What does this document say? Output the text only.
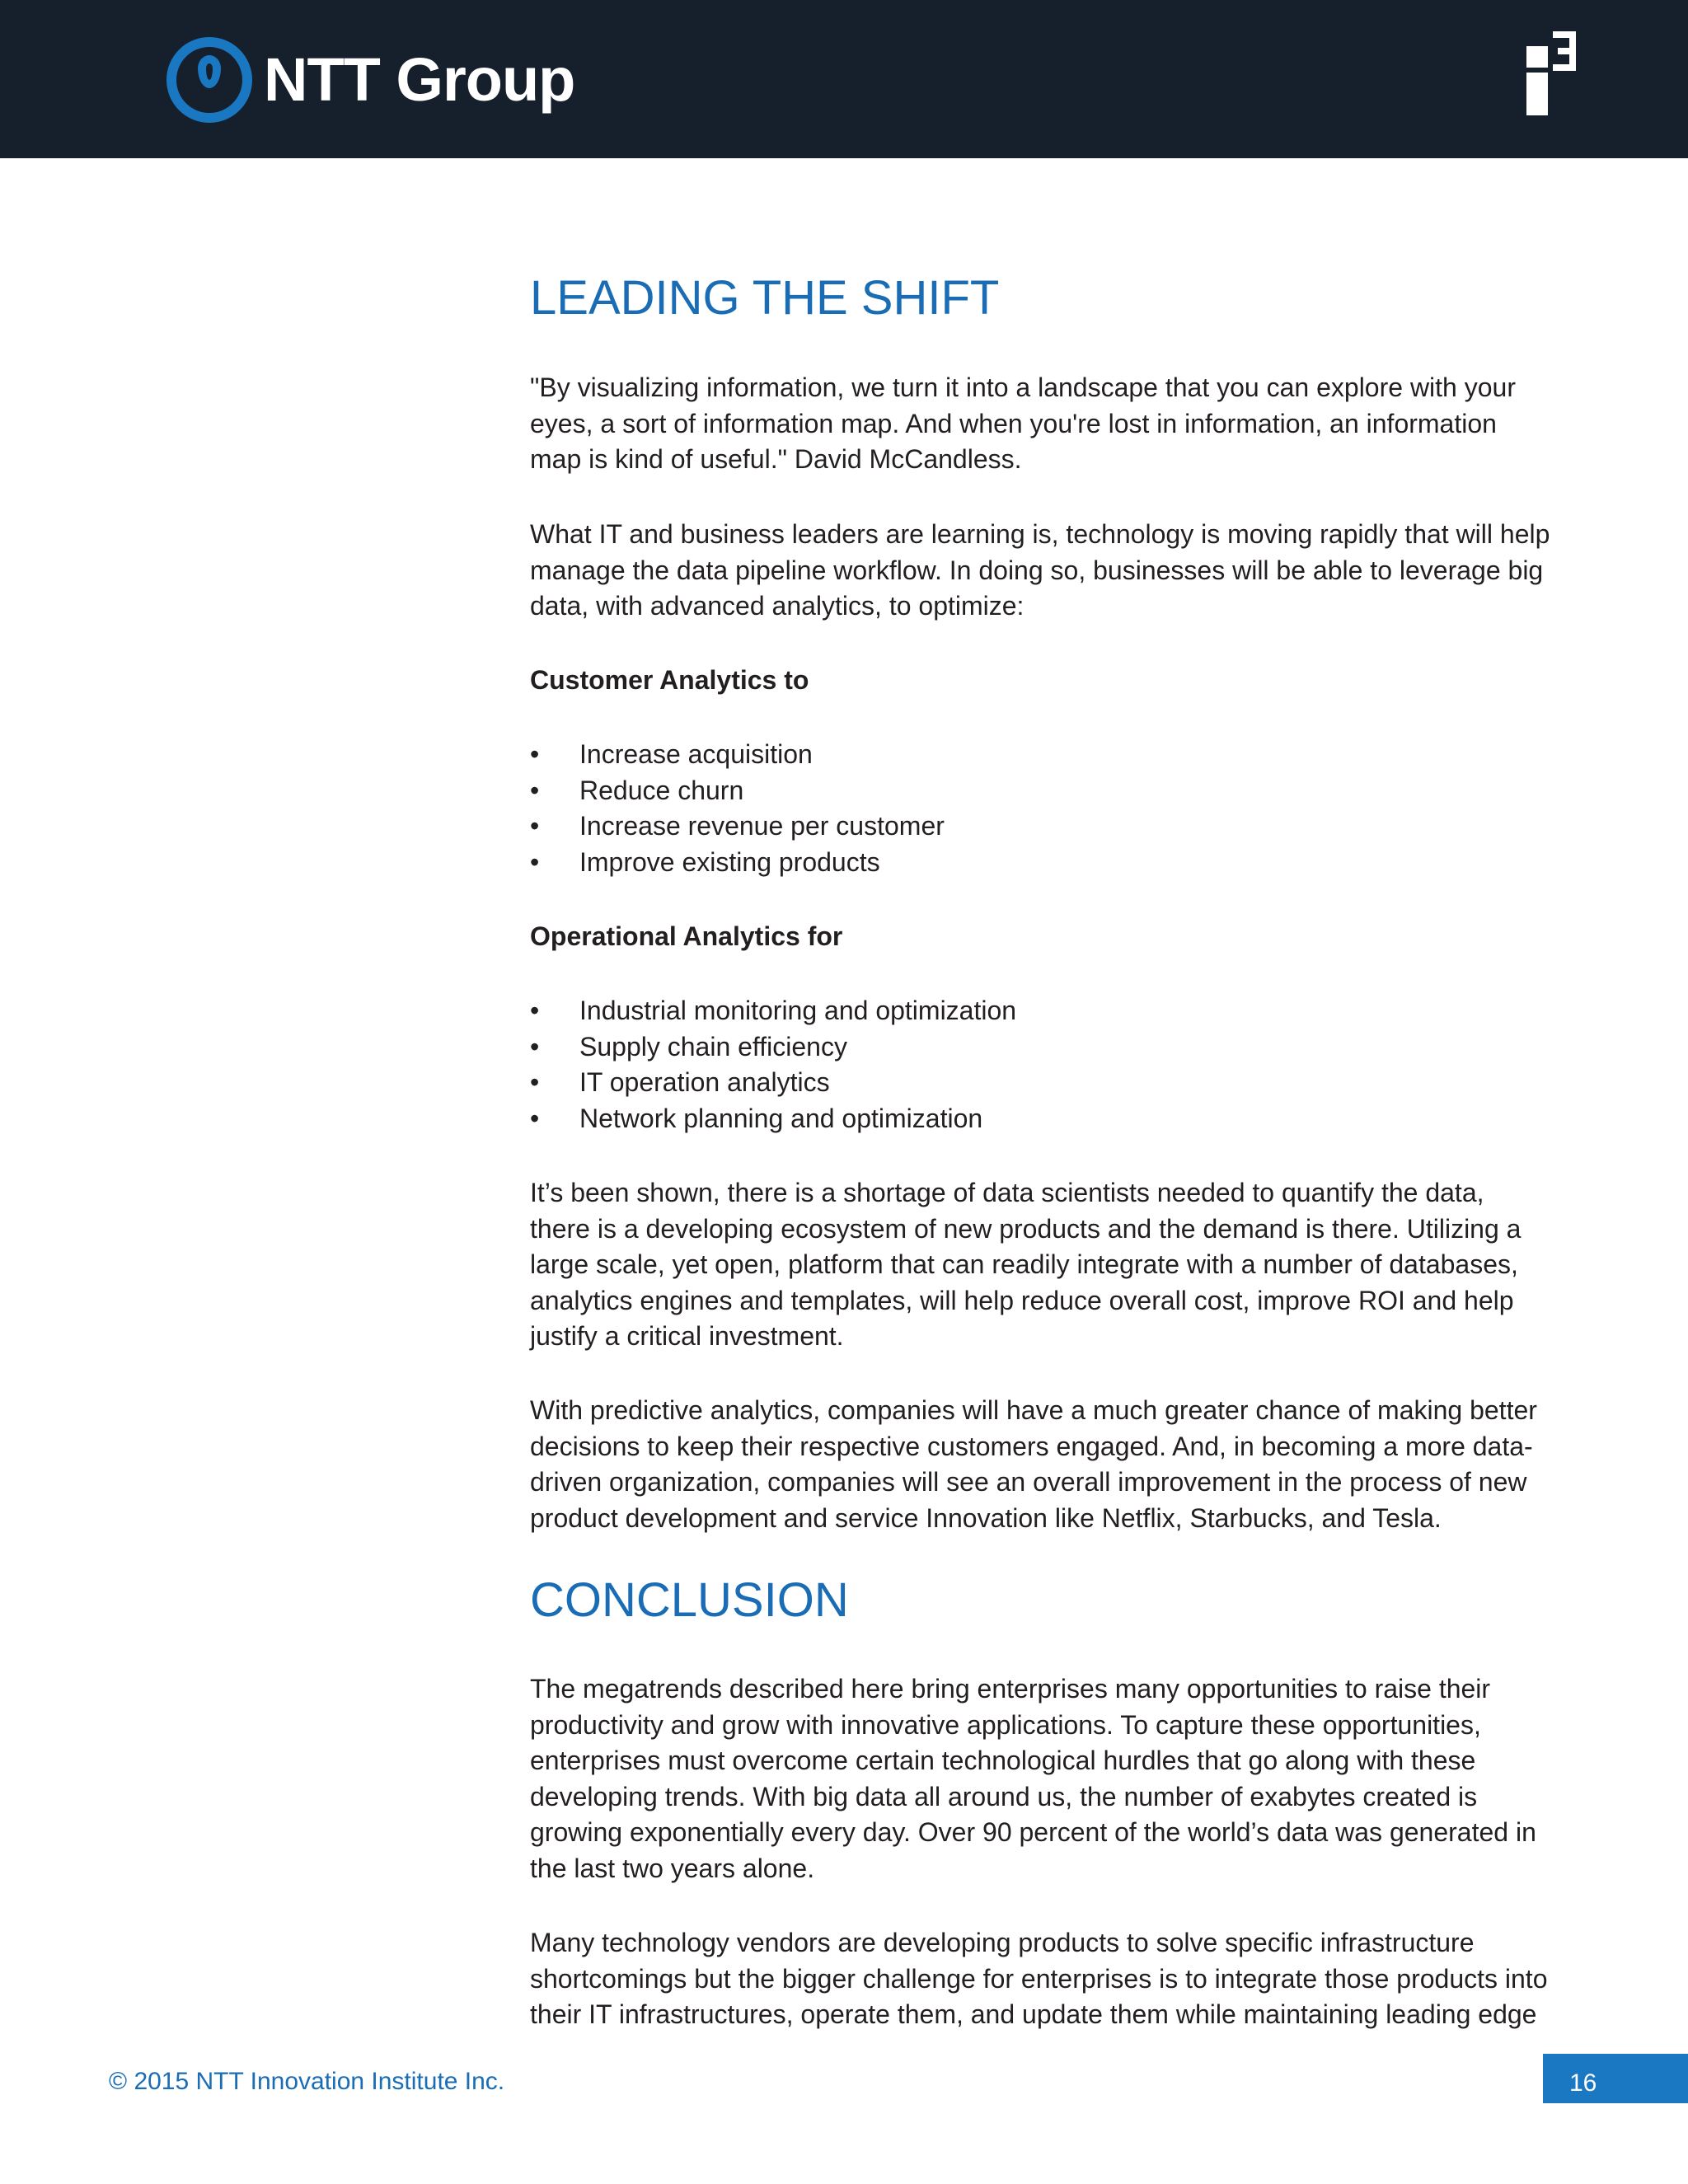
NTT Group
LEADING THE SHIFT
"By visualizing information, we turn it into a landscape that you can explore with your
eyes, a sort of information map. And when you're lost in information, an information
map is kind of useful." David McCandless.
What IT and business leaders are learning is, technology is moving rapidly that will help
manage the data pipeline workflow. In doing so, businesses will be able to leverage big
data, with advanced analytics, to optimize:
Customer Analytics to
• Increase acquisition
• Reduce churn
• Increase revenue per customer
• Improve existing products
Operational Analytics for
• Industrial monitoring and optimization
• Supply chain efficiency
• IT operation analytics
• Network planning and optimization
It’s been shown, there is a shortage of data scientists needed to quantify the data,
there is a developing ecosystem of new products and the demand is there. Utilizing a
large scale, yet open, platform that can readily integrate with a number of databases,
analytics engines and templates, will help reduce overall cost, improve ROI and help
justify a critical investment.
With predictive analytics, companies will have a much greater chance of making better
decisions to keep their respective customers engaged. And, in becoming a more data-
driven organization, companies will see an overall improvement in the process of new
product development and service Innovation like Netflix, Starbucks, and Tesla.
CONCLUSION
The megatrends described here bring enterprises many opportunities to raise their
productivity and grow with innovative applications. To capture these opportunities,
enterprises must overcome certain technological hurdles that go along with these
developing trends. With big data all around us, the number of exabytes created is
growing exponentially every day. Over 90 percent of the world’s data was generated in
the last two years alone.
Many technology vendors are developing products to solve specific infrastructure
shortcomings but the bigger challenge for enterprises is to integrate those products into
their IT infrastructures, operate them, and update them while maintaining leading edge
© 2015 NTT Innovation Institute Inc.	16
